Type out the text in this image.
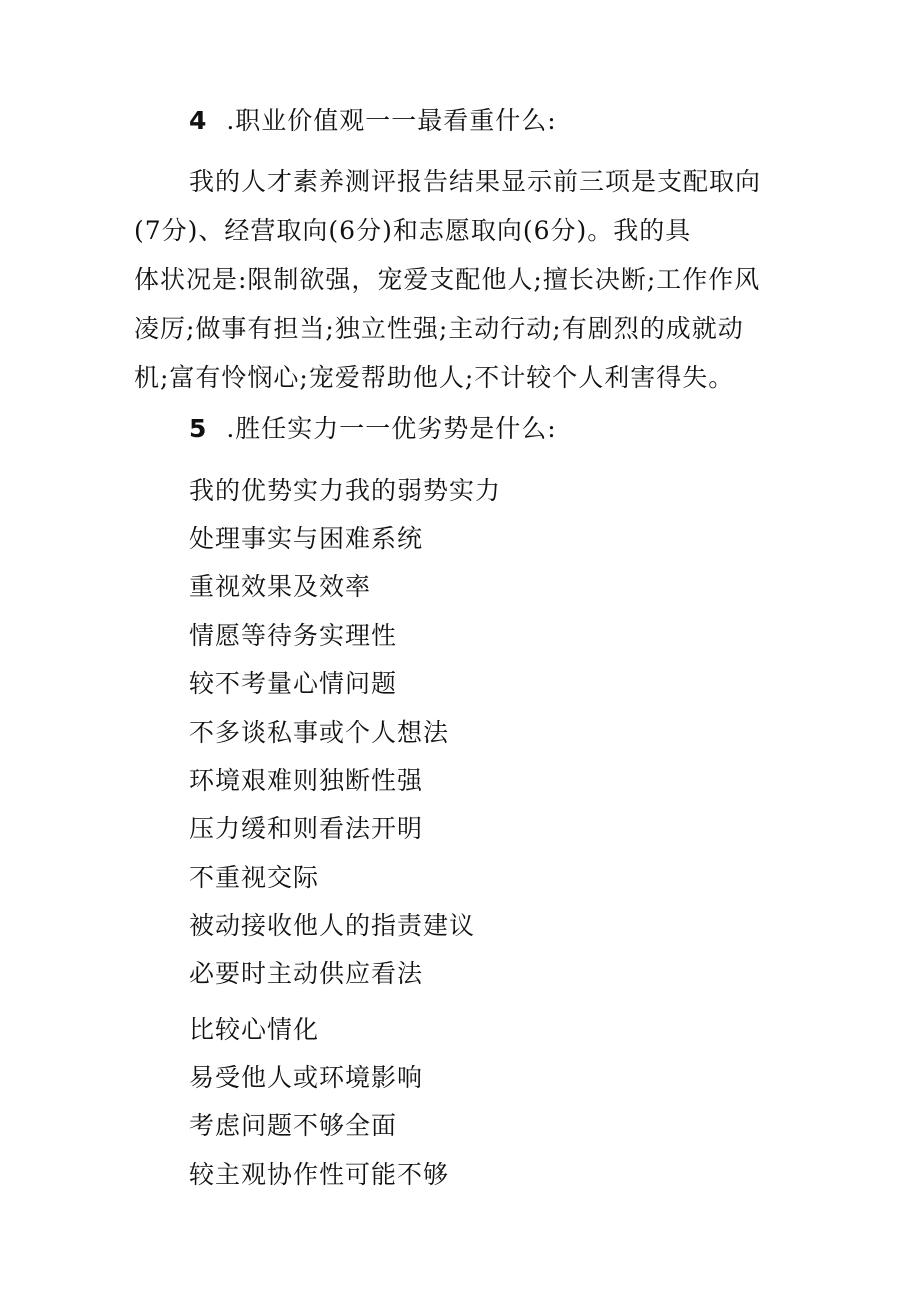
4 .职业价值观一一最看重什么:
我的人才素养测评报告结果显示前三项是支配取向
(7分)、经营取向(6分)和志愿取向(6分)。我的具
体状况是:限制欲强，宠爱支配他人;擅长决断;工作作风
凌厉;做事有担当;独立性强;主动行动;有剧烈的成就动
机;富有怜悯心;宠爱帮助他人;不计较个人利害得失。
5 .胜任实力一一优劣势是什么:
我的优势实力我的弱势实力
处理事实与困难系统
重视效果及效率
情愿等待务实理性
较不考量心情问题
不多谈私事或个人想法
环境艰难则独断性强
压力缓和则看法开明
不重视交际
被动接收他人的指责建议
必要时主动供应看法
比较心情化
易受他人或环境影响
考虑问题不够全面
较主观协作性可能不够
